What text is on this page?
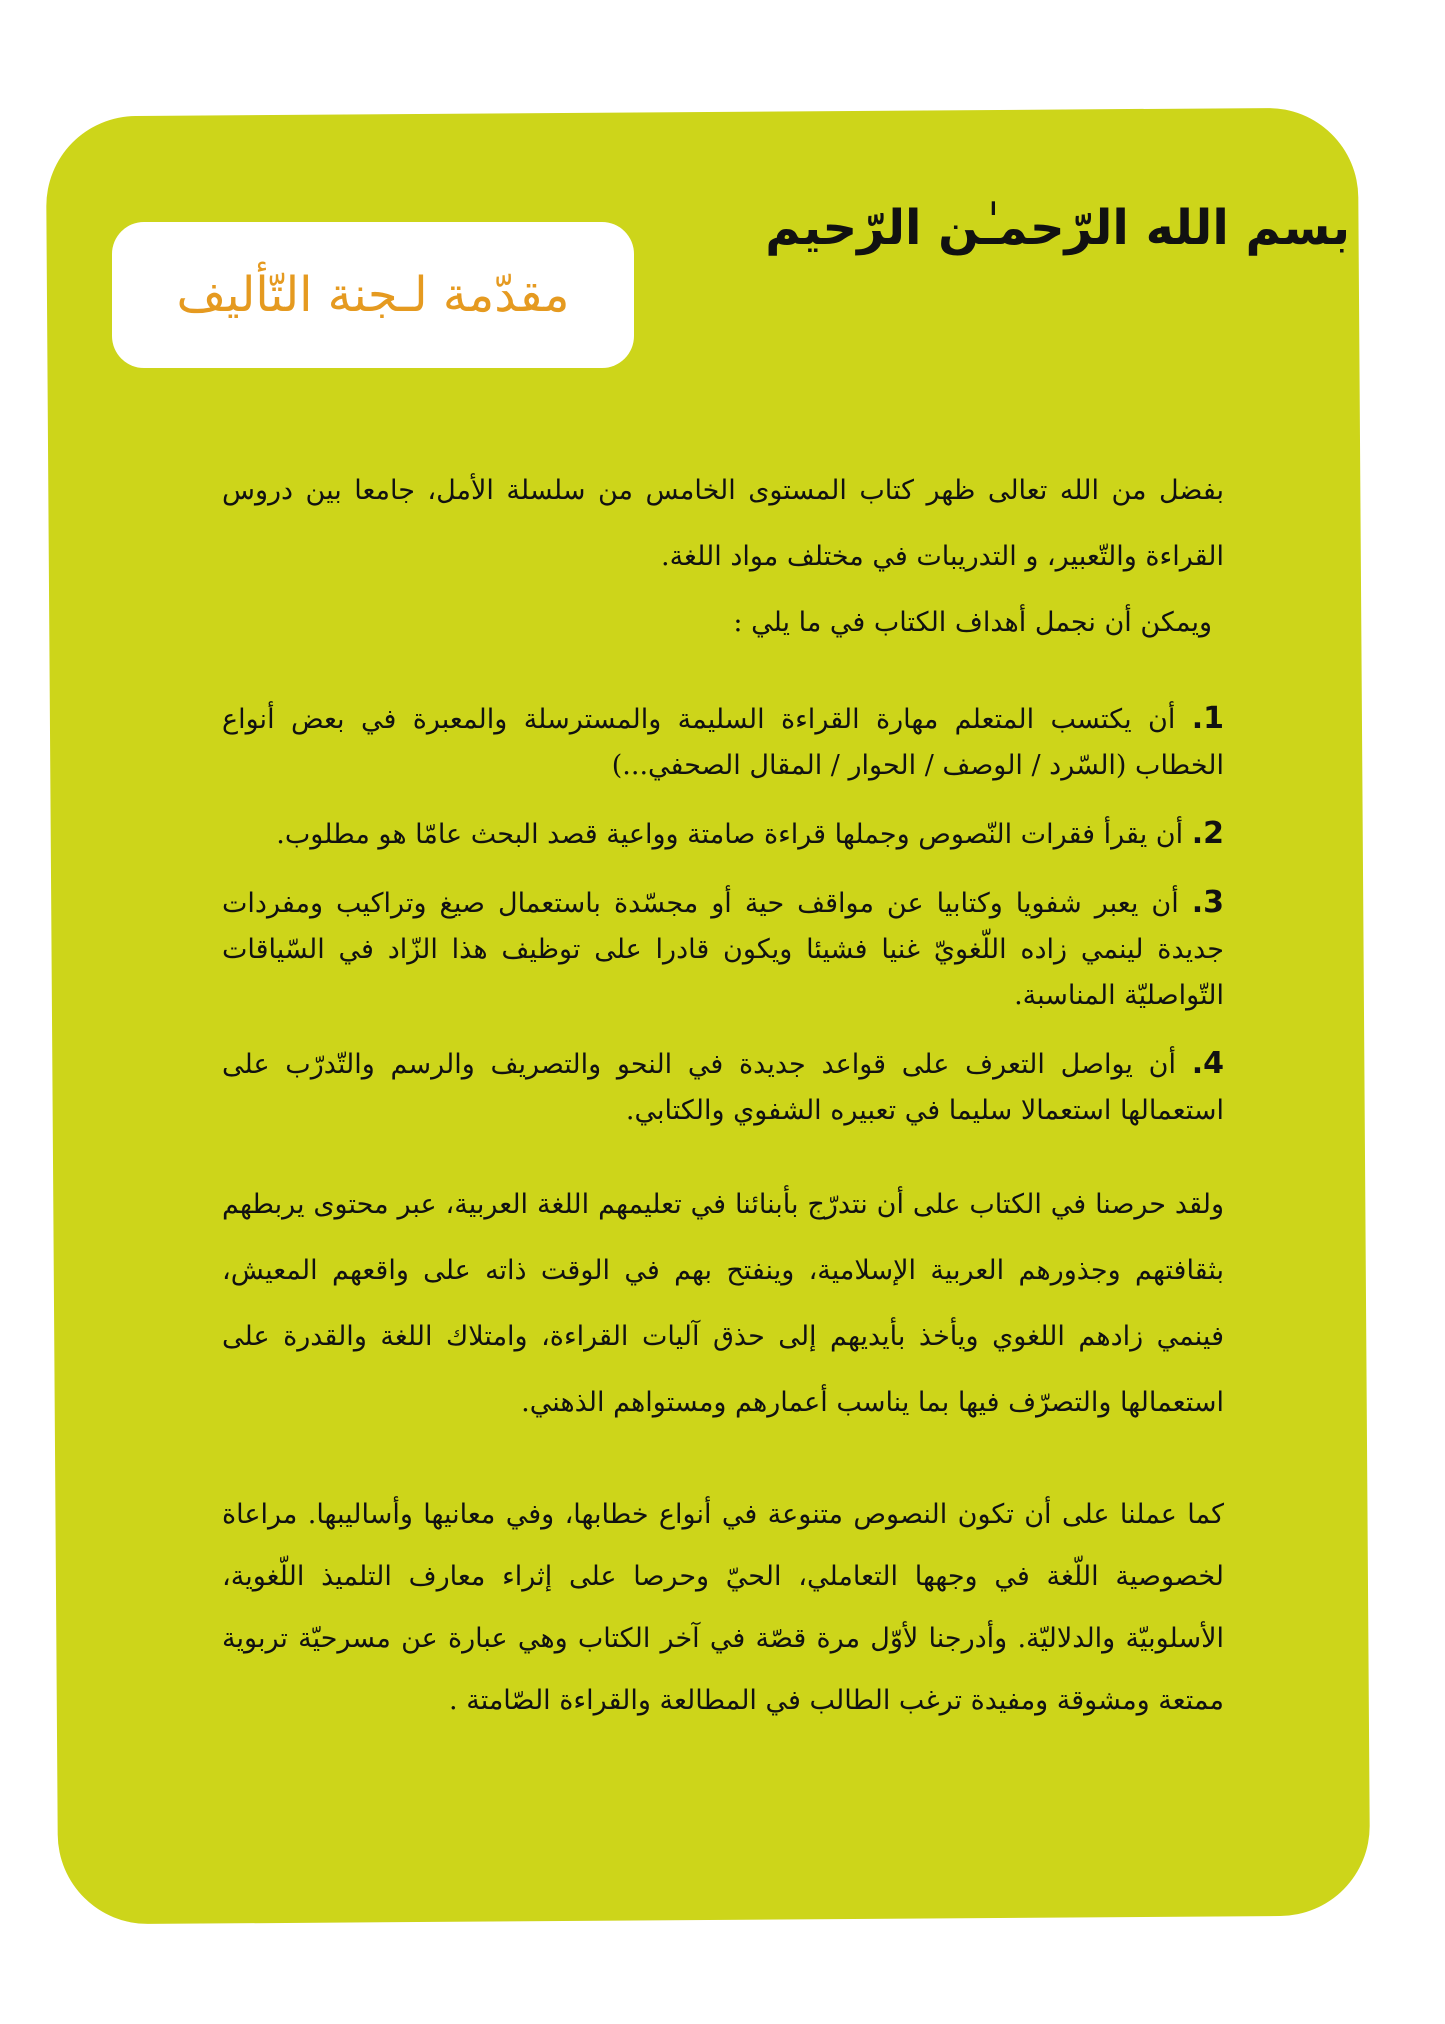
بسم الله الرّحمـٰن الرّحيم
مقدّمة لـجنة التّأليف

بفضل من الله تعالى ظهر كتاب المستوى الخامس من سلسلة الأمل، جامعا بين دروس القراءة والتّعبير، و التدريبات في مختلف مواد اللغة.

ويمكن أن نجمل أهداف الكتاب في ما يلي :

1. أن يكتسب المتعلم مهارة القراءة السليمة والمسترسلة والمعبرة في بعض أنواع الخطاب (السّرد / الوصف / الحوار / المقال الصحفي...)
2. أن يقرأ فقرات النّصوص وجملها قراءة صامتة وواعية قصد البحث عامّا هو مطلوب.
3. أن يعبر شفويا وكتابيا عن مواقف حية أو مجسّدة باستعمال صيغ وتراكيب ومفردات جديدة لينمي زاده اللّغويّ غنيا فشيئا ويكون قادرا على توظيف هذا الزّاد في السّياقات التّواصليّة المناسبة.
4. أن يواصل التعرف على قواعد جديدة في النحو والتصريف والرسم والتّدرّب على استعمالها استعمالا سليما في تعبيره الشفوي والكتابي.

ولقد حرصنا في الكتاب على أن نتدرّج بأبنائنا في تعليمهم اللغة العربية، عبر محتوى يربطهم بثقافتهم وجذورهم العربية الإسلامية، وينفتح بهم في الوقت ذاته على واقعهم المعيش، فينمي زادهم اللغوي ويأخذ بأيديهم إلى حذق آليات القراءة، وامتلاك اللغة والقدرة على استعمالها والتصرّف فيها بما يناسب أعمارهم ومستواهم الذهني.

كما عملنا على أن تكون النصوص متنوعة في أنواع خطابها، وفي معانيها وأساليبها. مراعاة لخصوصية اللّغة في وجهها التعاملي، الحيّ وحرصا على إثراء معارف التلميذ اللّغوية، الأسلوبيّة والدلاليّة. وأدرجنا لأوّل مرة قصّة في آخر الكتاب وهي عبارة عن مسرحيّة تربوية ممتعة ومشوقة ومفيدة ترغب الطالب في المطالعة والقراءة الصّامتة .
